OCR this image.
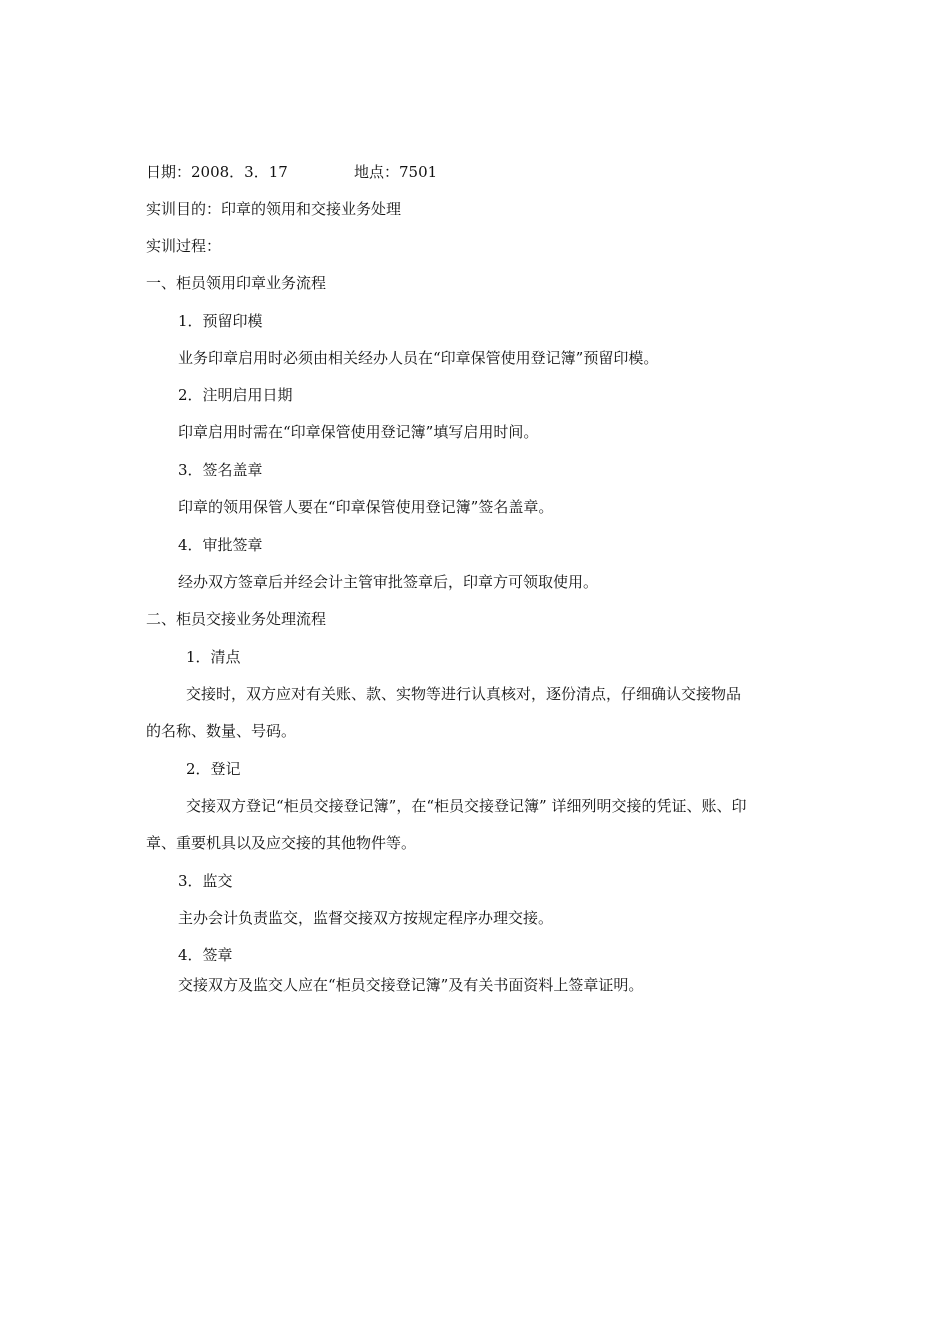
日期：2008．3．17	地点：7501
实训目的：印章的领用和交接业务处理
实训过程：
一、柜员领用印章业务流程
1．预留印模
业务印章启用时必须由相关经办人员在“印章保管使用登记簿”预留印模。
2．注明启用日期
印章启用时需在“印章保管使用登记簿”填写启用时间。
3．签名盖章
印章的领用保管人要在“印章保管使用登记簿”签名盖章。
4．审批签章
经办双方签章后并经会计主管审批签章后，印章方可领取使用。
二、柜员交接业务处理流程
1．清点
交接时，双方应对有关账、款、实物等进行认真核对，逐份清点，仔细确认交接物品
的名称、数量、号码。
2．登记
交接双方登记“柜员交接登记簿”，在“柜员交接登记簿” 详细列明交接的凭证、账、印
章、重要机具以及应交接的其他物件等。
3．监交
主办会计负责监交，监督交接双方按规定程序办理交接。
4．签章
交接双方及监交人应在“柜员交接登记簿”及有关书面资料上签章证明。
